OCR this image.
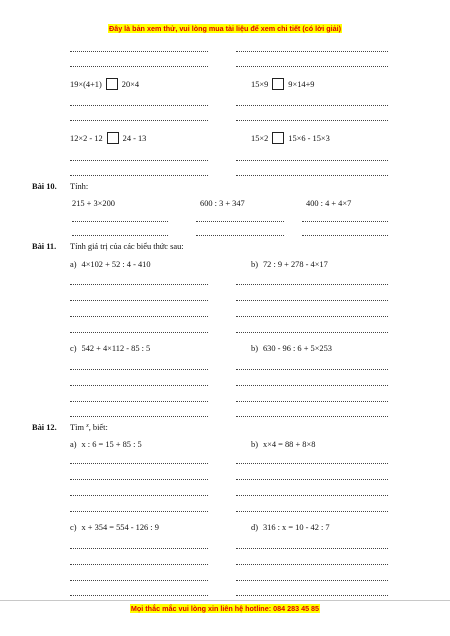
Đây là bản xem thử, vui lòng mua tài liệu để xem chi tiết (có lời giải)
19×(4+1) 20×4	15×9 9×14+9
12×2 - 12 24 - 13	15×2 15×6 - 15×3
Bài 10. Tính:
215 + 3×200	600 : 3 + 347	400 : 4 + 4×7
Bài 11. Tính giá trị của các biểu thức sau:
a) 4×102 + 52 : 4 - 410	b) 72 : 9 + 278 - 4×17
c) 542 + 4×112 - 85 : 5	b) 630 - 96 : 6 + 5×253
Bài 12. Tìm $^x$, biết:
a) x : 6 = 15 + 85 : 5	b) x×4 = 88 + 8×8
c) x + 354 = 554 - 126 : 9	d) 316 : x = 10 - 42 : 7
Mọi thắc mắc vui lòng xin liên hệ hotline: 084 283 45 85
